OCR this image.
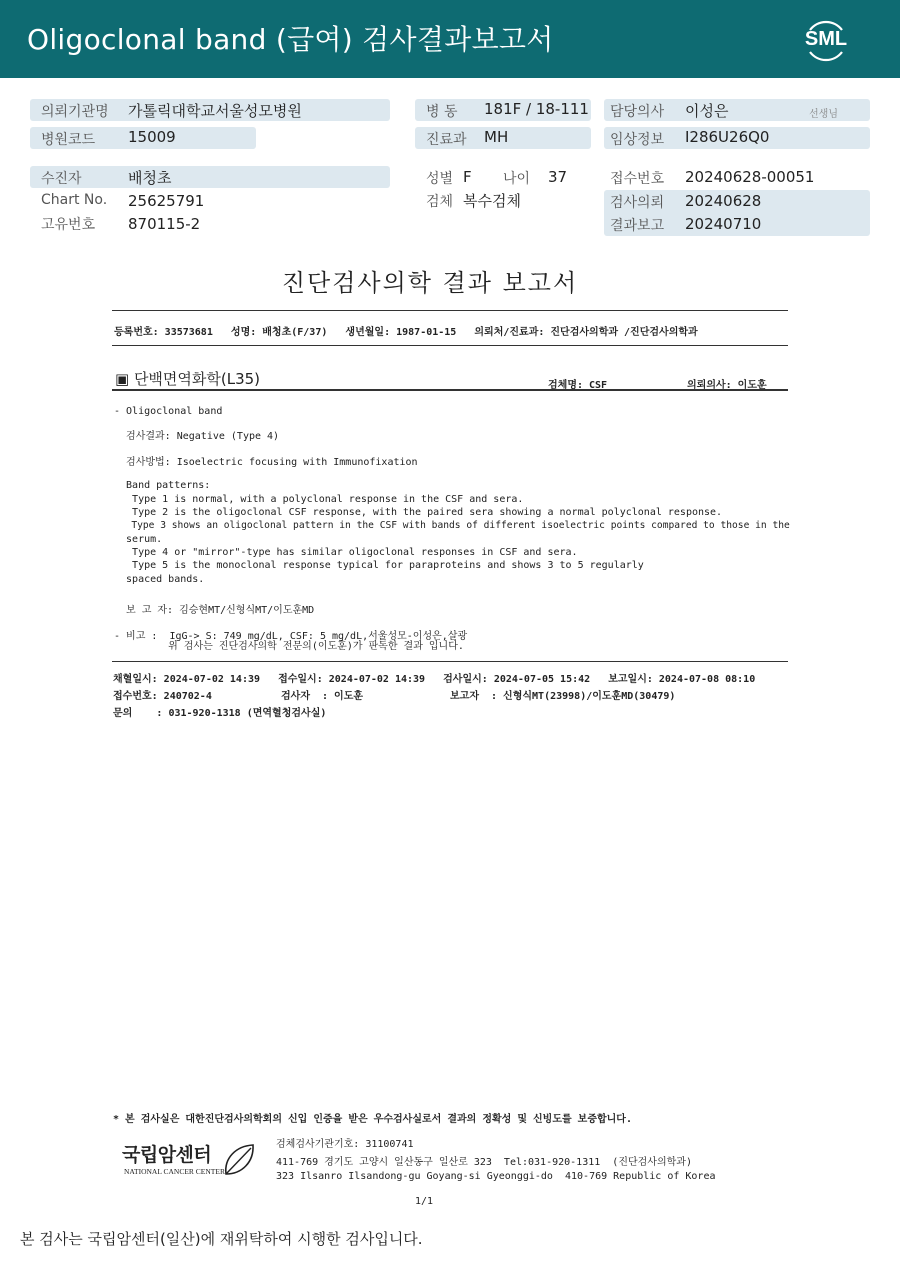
Oligoclonal band (급여) 검사결과보고서	SML
의뢰기관명 가톨릭대학교서울성모병원
병원코드 15009
병 동 181F / 18-111
진료과 MH
담당의사 이성은	선생님
임상정보 I286U26Q0
수진자	배청초
Chart No. 25625791
고유번호 870115-2
성별 F 나이 37
검체 복수검체
접수번호 20240628-00051
검사의뢰 20240628
결과보고 20240710
진단검사의학 결과 보고서
등록번호: 33573681   성명: 배청초(F/37)   생년월일: 1987-01-15   의뢰처/진료과: 진단검사의학과 /진단검사의학과
▣ 단백면역화학(L35)	검체명: CSF	의뢰의사: 이도훈
- Oligoclonal band
검사결과: Negative (Type 4)
검사방법: Isoelectric focusing with Immunofixation
Band patterns:
Type 1 is normal, with a polyclonal response in the CSF and sera.
Type 2 is the oligoclonal CSF response, with the paired sera showing a normal polyclonal response.
Type 3 shows an oligoclonal pattern in the CSF with bands of different isoelectric points compared to those in the
serum.
Type 4 or "mirror"-type has similar oligoclonal responses in CSF and sera.
Type 5 is the monoclonal response typical for paraproteins and shows 3 to 5 regularly
spaced bands.
보 고 자: 김승현MT/신형식MT/이도훈MD
- 비고 :  IgG-> S: 749 mg/dL, CSF: 5 mg/dL,서울성모-이성은,살광
위 검사는 진단검사의학 전문의(이도훈)가 판독한 결과 입니다.
채혈일시: 2024-07-02 14:39   접수일시: 2024-07-02 14:39   검사일시: 2024-07-05 15:42   보고일시: 2024-07-08 08:10
접수번호: 240702-4	검사자  : 이도훈	보고자  : 신형식MT(23998)/이도훈MD(30479)
문의    : 031-920-1318 (면역혈청검사실)
* 본 검사실은 대한진단검사의학회의 신입 인증을 받은 우수검사실로서 결과의 정확성 및 신빙도를 보증합니다.
국립암센터
NATIONAL CANCER CENTER
검체검사기관기호: 31100741
411-769 경기도 고양시 일산동구 일산로 323  Tel:031-920-1311  (진단검사의학과)
323 Ilsanro Ilsandong-gu Goyang-si Gyeonggi-do  410-769 Republic of Korea
1/1
본 검사는 국립암센터(일산)에 재위탁하여 시행한 검사입니다.
